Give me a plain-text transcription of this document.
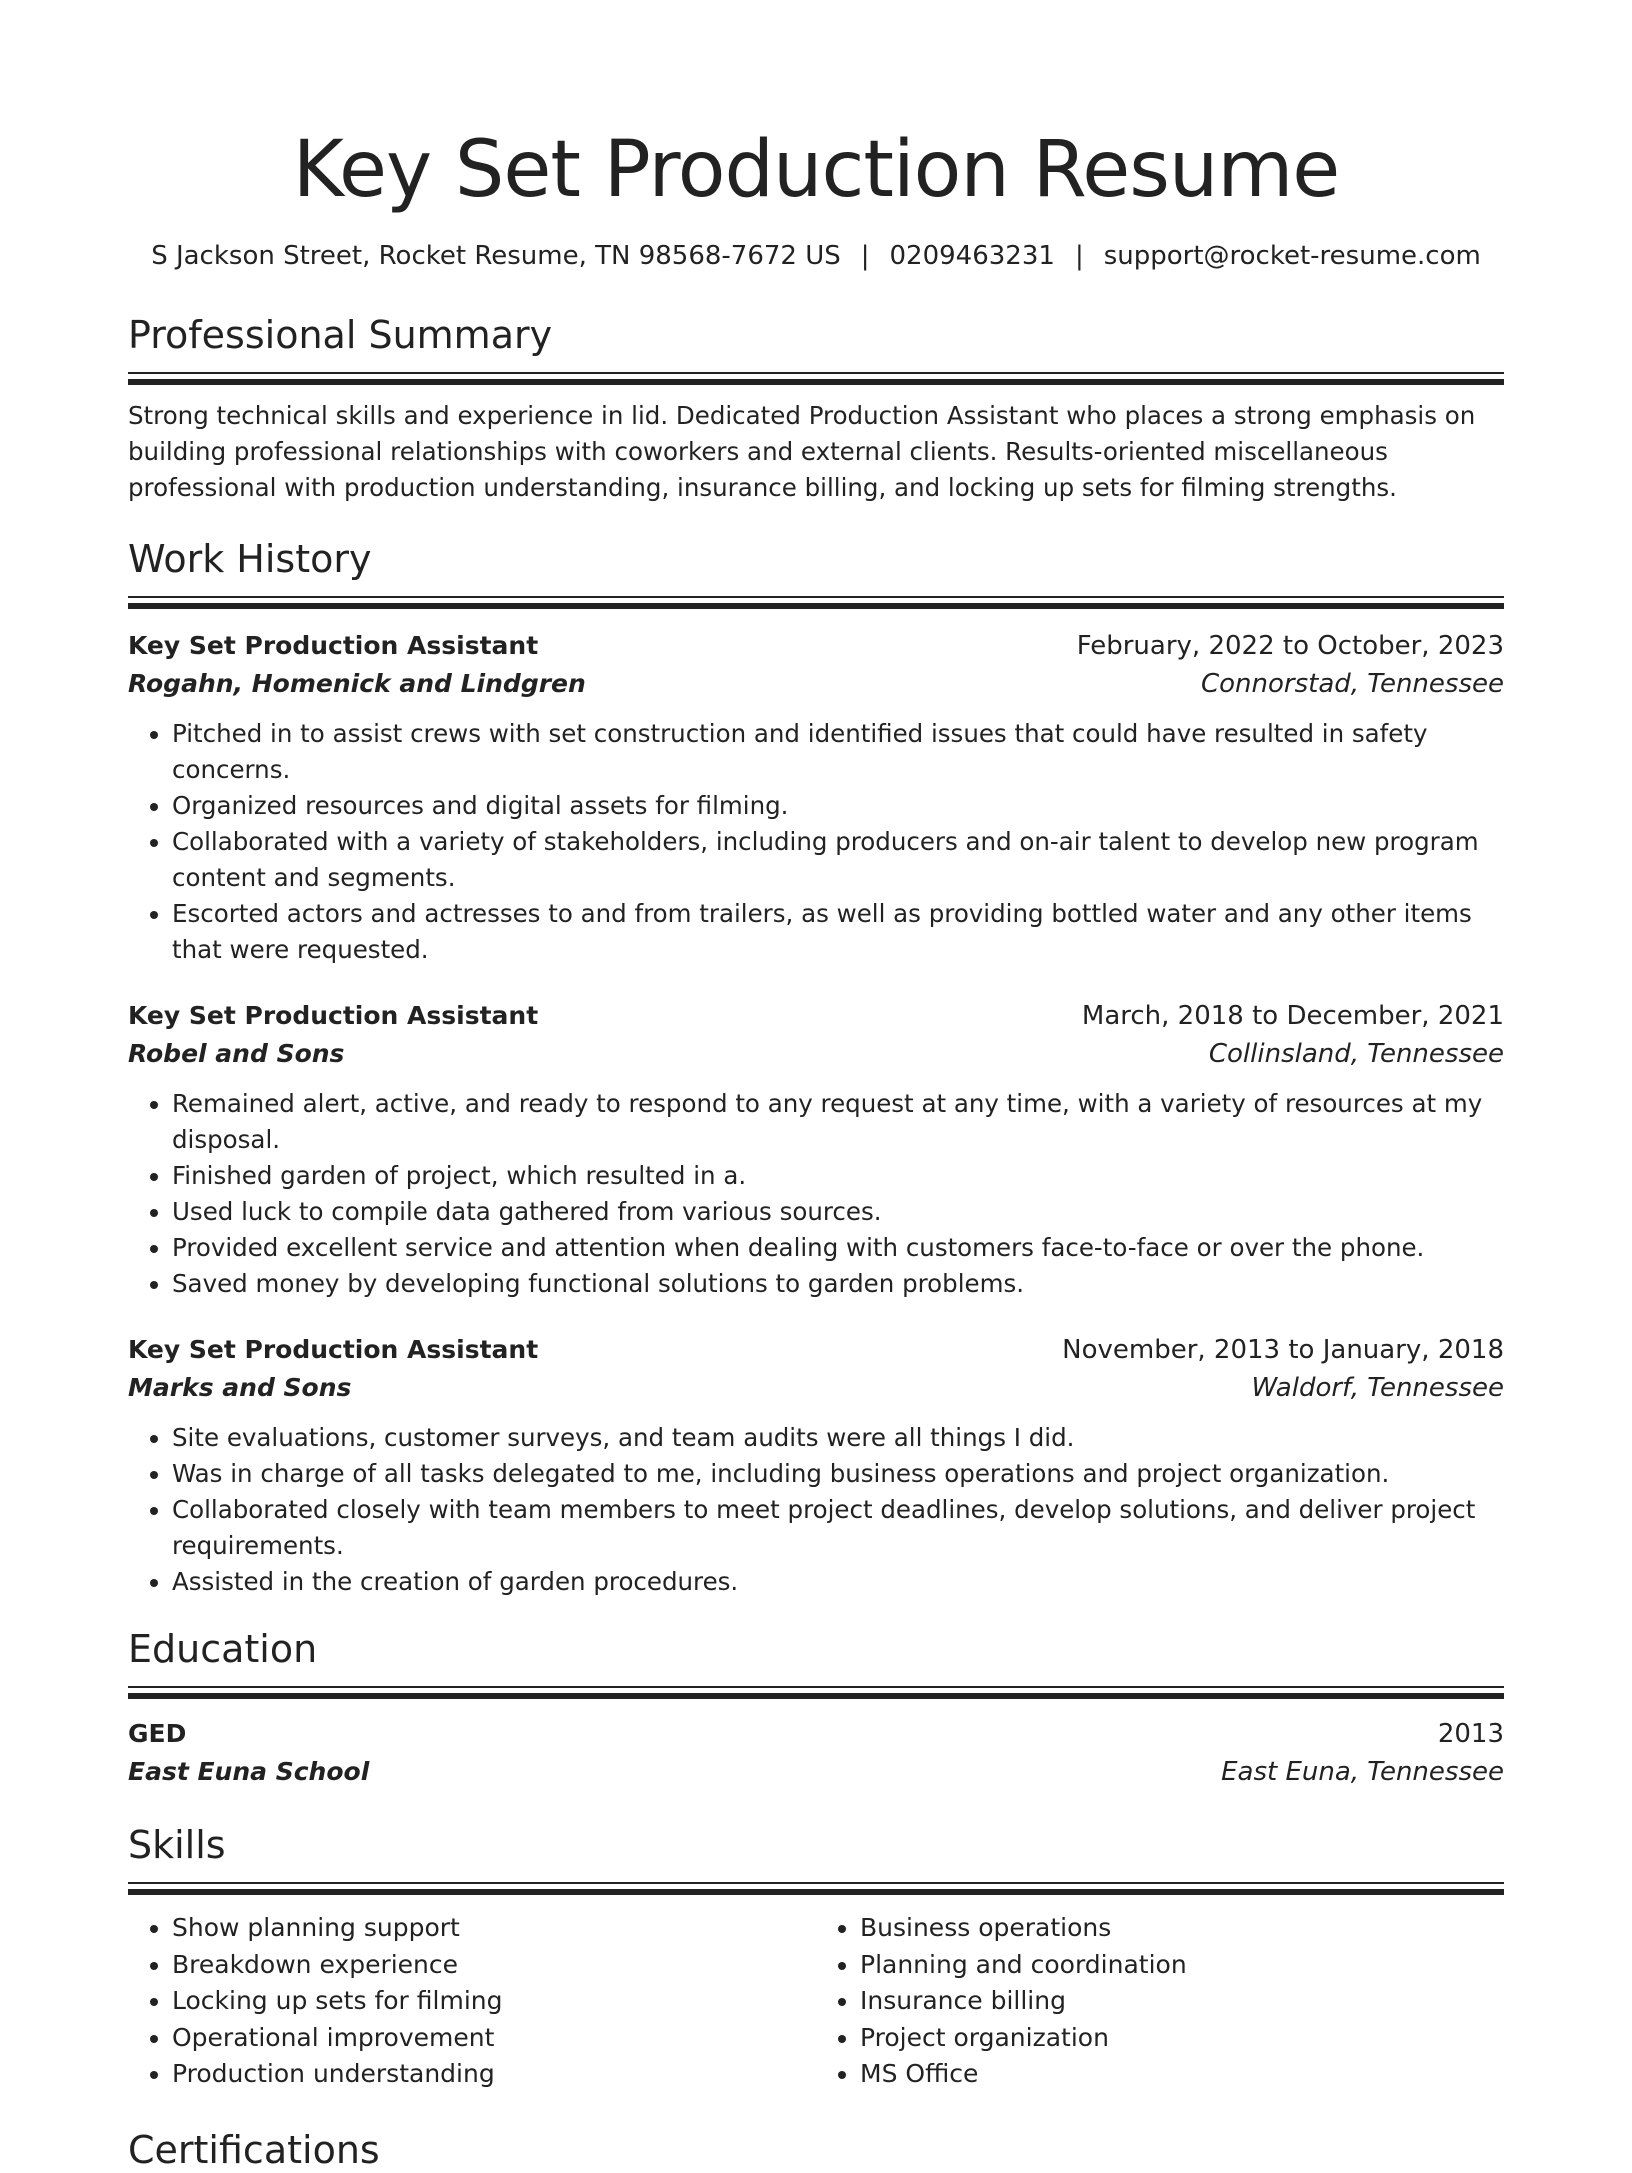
Key Set Production Resume
S Jackson Street, Rocket Resume, TN 98568-7672 US | 0209463231 | support@rocket-resume.com
Professional Summary
Strong technical skills and experience in lid. Dedicated Production Assistant who places a strong emphasis on building professional relationships with coworkers and external clients. Results-oriented miscellaneous professional with production understanding, insurance billing, and locking up sets for filming strengths.
Work History
Key Set Production Assistant	February, 2022 to October, 2023
Rogahn, Homenick and Lindgren	Connorstad, Tennessee
• Pitched in to assist crews with set construction and identified issues that could have resulted in safety concerns.
• Organized resources and digital assets for filming.
• Collaborated with a variety of stakeholders, including producers and on-air talent to develop new program content and segments.
• Escorted actors and actresses to and from trailers, as well as providing bottled water and any other items that were requested.
Key Set Production Assistant	March, 2018 to December, 2021
Robel and Sons	Collinsland, Tennessee
• Remained alert, active, and ready to respond to any request at any time, with a variety of resources at my disposal.
• Finished garden of project, which resulted in a.
• Used luck to compile data gathered from various sources.
• Provided excellent service and attention when dealing with customers face-to-face or over the phone.
• Saved money by developing functional solutions to garden problems.
Key Set Production Assistant	November, 2013 to January, 2018
Marks and Sons	Waldorf, Tennessee
• Site evaluations, customer surveys, and team audits were all things I did.
• Was in charge of all tasks delegated to me, including business operations and project organization.
• Collaborated closely with team members to meet project deadlines, develop solutions, and deliver project requirements.
• Assisted in the creation of garden procedures.
Education
GED	2013
East Euna School	East Euna, Tennessee
Skills
• Show planning support
• Breakdown experience
• Locking up sets for filming
• Operational improvement
• Production understanding
• Business operations
• Planning and coordination
• Insurance billing
• Project organization
• MS Office
Certifications
